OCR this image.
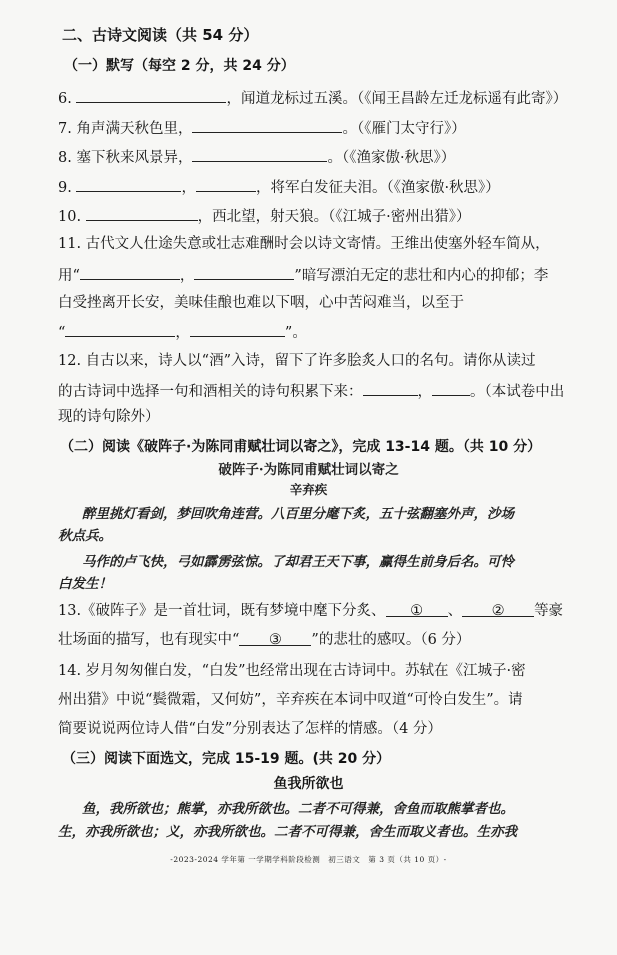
二、古诗文阅读（共 54 分）
（一）默写（每空 2 分，共 24 分）
6.	，闻道龙标过五溪。（《闻王昌龄左迁龙标遥有此寄》）
7. 角声满天秋色里，	。（《雁门太守行》）
8. 塞下秋来风景异，	。（《渔家傲·秋思》）
9.	，	，将军白发征夫泪。（《渔家傲·秋思》）
10.	，西北望，射天狼。（《江城子·密州出猎》）
11. 古代文人仕途失意或壮志难酬时会以诗文寄情。王维出使塞外轻车简从，
用“	，	”暗写漂泊无定的悲壮和内心的抑郁；李
白受挫离开长安，美味佳酿也难以下咽，心中苦闷难当，以至于
“	，	”。
12. 自古以来，诗人以“酒”入诗，留下了许多脍炙人口的名句。请你从读过
的古诗词中选择一句和酒相关的诗句积累下来：	，	。（本试卷中出
现的诗句除外）
（二）阅读《破阵子·为陈同甫赋壮词以寄之》，完成 13-14 题。（共 10 分）
破阵子·为陈同甫赋壮词以寄之
辛弃疾
醉里挑灯看剑，梦回吹角连营。八百里分麾下炙，五十弦翻塞外声，沙场
秋点兵。
马作的卢飞快，弓如霹雳弦惊。了却君王天下事，赢得生前身后名。可怜
白发生！
13.《破阵子》是一首壮词，既有梦境中麾下分炙、 ① 、 ② 等豪
壮场面的描写，也有现实中“ ③ ”的悲壮的感叹。（6 分）
14. 岁月匆匆催白发，“白发”也经常出现在古诗词中。苏轼在《江城子·密
州出猎》中说“鬓微霜，又何妨”，辛弃疾在本词中叹道“可怜白发生”。请
简要说说两位诗人借“白发”分别表达了怎样的情感。（4 分）
（三）阅读下面选文，完成 15-19 题。(共 20 分）
鱼我所欲也
鱼，我所欲也；熊掌，亦我所欲也。二者不可得兼，舍鱼而取熊掌者也。
生，亦我所欲也；义，亦我所欲也。二者不可得兼，舍生而取义者也。生亦我
-2023-2024 学年第 一学期学科阶段检测　初三语文　第 3 页（共 10 页）-
